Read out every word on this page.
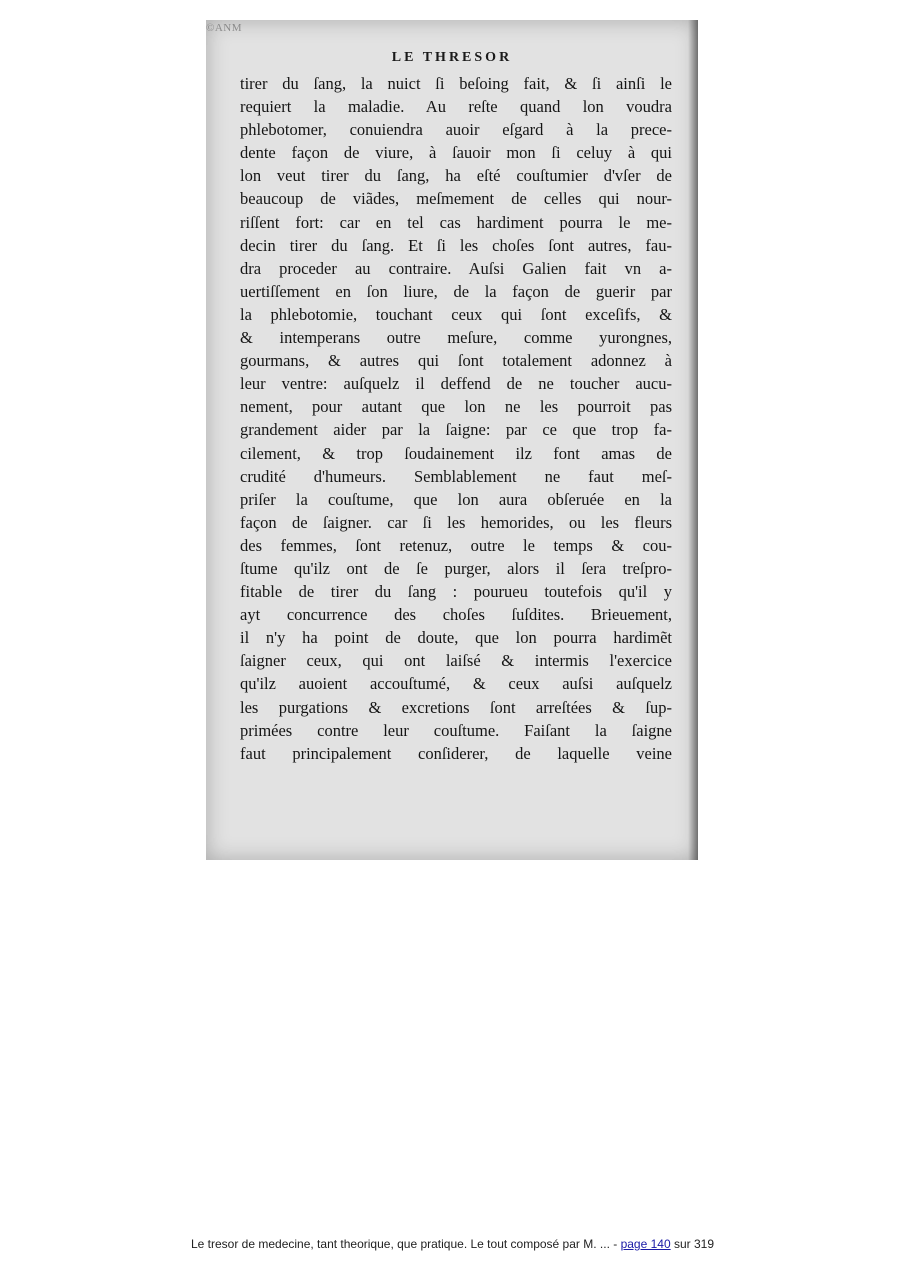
©ANM
LE THRESOR
tirer du ſang, la nuict ſi beſoing fait, & ſi ainſi le
requiert la maladie. Au reſte quand lon voudra
phlebotomer, conuiendra auoir eſgard à la prece-
dente façon de viure, à ſauoir mon ſi celuy à qui
lon veut tirer du ſang, ha eſté couſtumier d'vſer de
beaucoup de viãdes, meſmement de celles qui nour-
riſſent fort: car en tel cas hardiment pourra le me-
decin tirer du ſang. Et ſi les choſes ſont autres, fau-
dra proceder au contraire. Auſsi Galien fait vn a-
uertiſſement en ſon liure, de la façon de guerir par
la phlebotomie, touchant ceux qui ſont exceſifs, &
& intemperans outre meſure, comme yurongnes,
gourmans, & autres qui ſont totalement adonnez à
leur ventre: auſquelz il deffend de ne toucher aucu-
nement, pour autant que lon ne les pourroit pas
grandement aider par la ſaigne: par ce que trop fa-
cilement, & trop ſoudainement ilz font amas de
crudité d'humeurs. Semblablement ne faut meſ-
priſer la couſtume, que lon aura obſeruée en la
façon de ſaigner. car ſi les hemorides, ou les fleurs
des femmes, ſont retenuz, outre le temps & cou-
ſtume qu'ilz ont de ſe purger, alors il ſera treſpro-
fitable de tirer du ſang : pourueu toutefois qu'il y
ayt concurrence des choſes ſuſdites. Brieuement,
il n'y ha point de doute, que lon pourra hardimẽt
ſaigner ceux, qui ont laiſsé & intermis l'exercice
qu'ilz auoient accouſtumé, & ceux auſsi auſquelz
les purgations & excretions ſont arreſtées & ſup-
primées contre leur couſtume. Faiſant la ſaigne
faut principalement conſiderer, de laquelle veine
Le tresor de medecine, tant theorique, que pratique. Le tout composé par M. ... - page 140 sur 319
